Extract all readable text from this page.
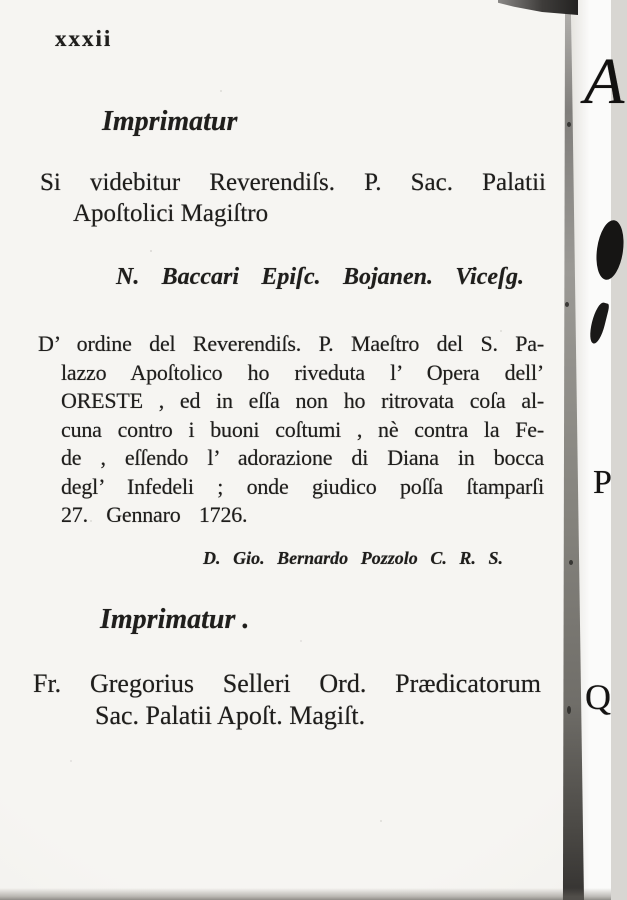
xxxii
Imprimatur
Si videbitur Reverendiſs. P. Sac. Palatii
Apoſtolici Magiſtro
N. Baccari Epiſc. Bojanen. Viceſg.
D’ ordine del Reverendiſs. P. Maeſtro del S. Pa-
lazzo Apoſtolico ho riveduta l’ Opera dell’
ORESTE , ed in eſſa non ho ritrovata coſa al-
cuna contro i buoni coſtumi , nè contra la Fe-
de , eſſendo l’ adorazione di Diana in bocca
degl’ Infedeli ; onde giudico poſſa ſtamparſi
27. Gennaro 1726.
D. Gio. Bernardo Pozzolo C. R. S.
Imprimatur .
Fr. Gregorius Selleri Ord. Prædicatorum
Sac. Palatii Apoſt. Magiſt.
A
P
Q
